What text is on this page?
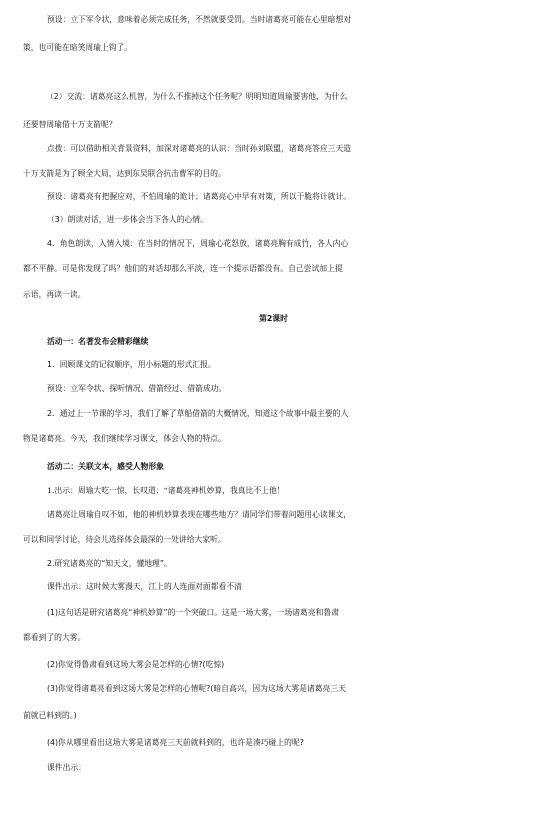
预设：立下军令状，意味着必须完成任务，不然就要受罚。当时诸葛亮可能在心里暗想对
策，也可能在暗笑周瑜上钩了。
（2）交流：诸葛亮这么机智，为什么不推掉这个任务呢？明明知道周瑜要害他，为什么
还要替周瑜借十万支箭呢？
点拨：可以借助相关背景资料，加深对诸葛亮的认识：当时孙刘联盟，诸葛亮答应三天造
十万支箭是为了顾全大局，达到东吴联合抗击曹军的目的。
预设：诸葛亮有把握应对，不怕周瑜的诡计；诸葛亮心中早有对策，所以干脆将计就计。
（3）朗读对话，进一步体会当下各人的心情。
4．角色朗读，入情入境：在当时的情况下，周瑜心花怒放，诸葛亮胸有成竹，各人内心
都不平静。可是你发现了吗？他们的对话却那么平淡，连一个提示语都没有。自己尝试加上提
示语，再读一读。
第2课时
活动一：名著发布会精彩继续
1．回顾课文的记叙顺序，用小标题的形式汇报。
预设：立军令状、探听情况、借箭经过、借箭成功。
2．通过上一节课的学习，我们了解了草船借箭的大概情况，知道这个故事中最主要的人
物是诸葛亮。今天，我们继续学习课文，体会人物的特点。
活动二：关联文本，感受人物形象
1.出示：周瑜大吃一惊，长叹道：“诸葛亮神机妙算，我真比不上他！
诸葛亮让周瑜自叹不如，他的神机妙算表现在哪些地方？请同学们带着问题用心读课文，
可以和同学讨论，待会儿选择体会最深的一处讲给大家听。
2.研究诸葛亮的“知天文，懂地理”。
课件出示：这时候大雾漫天，江上的人连面对面都看不清
(1)这句话是研究诸葛亮“神机妙算”的一个突破口。这是一场大雾，一场诸葛亮和鲁肃
都看到了的大雾。
(2)你觉得鲁肃看到这场大雾会是怎样的心情?(吃惊)
(3)你觉得诸葛亮看到这场大雾是怎样的心情呢?(暗自高兴，因为这场大雾是诸葛亮三天
前就已料到的。)
(4)你从哪里看出这场大雾是诸葛亮三天前就料到的，也许是凑巧碰上的呢?
课件出示：
